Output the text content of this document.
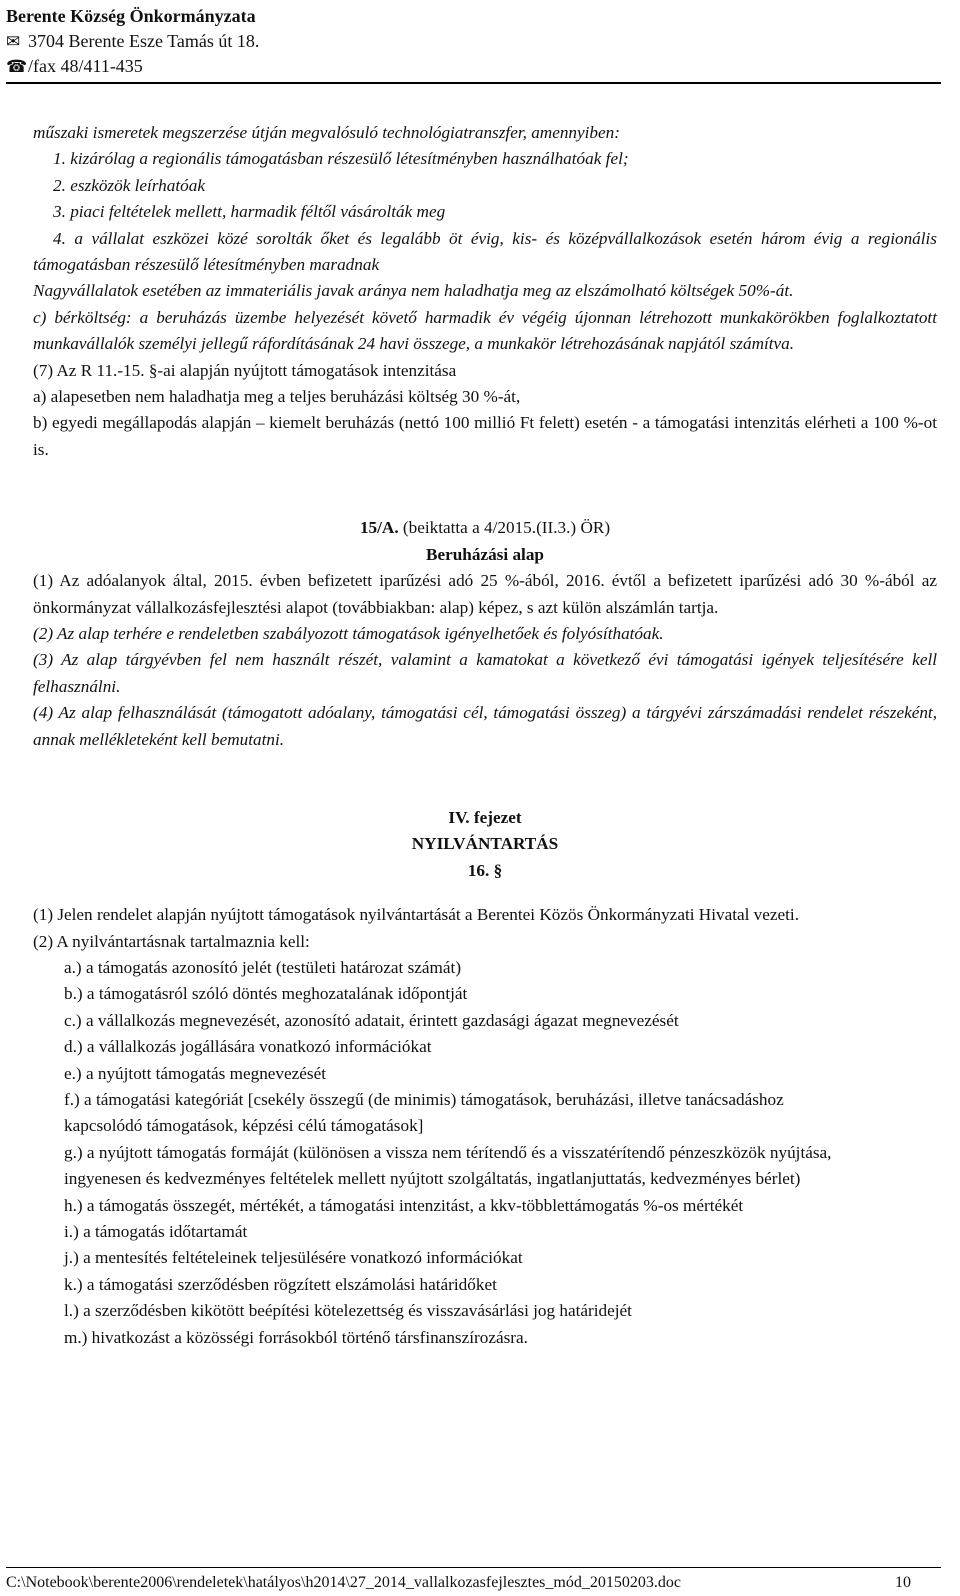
Berente Község Önkormányzata
✉ 3704 Berente Esze Tamás út 18.
☎/fax 48/411-435

műszaki ismeretek megszerzése útján megvalósuló technológiatranszfer, amennyiben:

1. kizárólag a regionális támogatásban részesülő létesítményben használhatóak fel;

2. eszközök leírhatóak

3. piaci feltételek mellett, harmadik féltől vásárolták meg

4. a vállalat eszközei közé sorolták őket és legalább öt évig, kis- és középvállalkozások esetén három évig a regionális támogatásban részesülő létesítményben maradnak

Nagyvállalatok esetében az immateriális javak aránya nem haladhatja meg az elszámolható költségek 50%-át.

c) bérköltség: a beruházás üzembe helyezését követő harmadik év végéig újonnan létrehozott munkakörökben foglalkoztatott munkavállalók személyi jellegű ráfordításának 24 havi összege, a munkakör létrehozásának napjától számítva.

(7) Az R 11.-15. §-ai alapján nyújtott támogatások intenzitása

a) alapesetben nem haladhatja meg a teljes beruházási költség 30 %-át,

b) egyedi megállapodás alapján – kiemelt beruházás (nettó 100 millió Ft felett) esetén - a támogatási intenzitás elérheti a 100 %-ot is.

15/A. (beiktatta a 4/2015.(II.3.) ÖR)

Beruházási alap

(1) Az adóalanyok által, 2015. évben befizetett iparűzési adó 25 %-ából, 2016. évtől a befizetett iparűzési adó 30 %-ából az önkormányzat vállalkozásfejlesztési alapot (továbbiakban: alap) képez, s azt külön alszámlán tartja.

(2) Az alap terhére e rendeletben szabályozott támogatások igényelhetőek és folyósíthatóak.

(3) Az alap tárgyévben fel nem használt részét, valamint a kamatokat a következő évi támogatási igények teljesítésére kell felhasználni.

(4) Az alap felhasználását (támogatott adóalany, támogatási cél, támogatási összeg) a tárgyévi zárszámadási rendelet részeként, annak mellékleteként kell bemutatni.

IV. fejezet

NYILVÁNTARTÁS

16. §

(1) Jelen rendelet alapján nyújtott támogatások nyilvántartását a Berentei Közös Önkormányzati Hivatal vezeti.

(2) A nyilvántartásnak tartalmaznia kell:

a.) a támogatás azonosító jelét (testületi határozat számát)

b.) a támogatásról szóló döntés meghozatalának időpontját

c.) a vállalkozás megnevezését, azonosító adatait, érintett gazdasági ágazat megnevezését

d.) a vállalkozás jogállására vonatkozó információkat

e.) a nyújtott támogatás megnevezését

f.) a támogatási kategóriát [csekély összegű (de minimis) támogatások, beruházási, illetve tanácsadáshoz kapcsolódó támogatások, képzési célú támogatások]

g.) a nyújtott támogatás formáját (különösen a vissza nem térítendő és a visszatérítendő pénzeszközök nyújtása, ingyenesen és kedvezményes feltételek mellett nyújtott szolgáltatás, ingatlanjuttatás, kedvezményes bérlet)

h.) a támogatás összegét, mértékét, a támogatási intenzitást, a kkv-többlettámogatás %-os mértékét

i.) a támogatás időtartamát

j.) a mentesítés feltételeinek teljesülésére vonatkozó információkat

k.) a támogatási szerződésben rögzített elszámolási határidőket

l.) a szerződésben kikötött beépítési kötelezettség és visszavásárlási jog határidejét

m.) hivatkozást a közösségi forrásokból történő társfinanszírozásra.

C:\Notebook\berente2006\rendeletek\hatályos\h2014\27_2014_vallalkozasfejlesztes_mód_20150203.doc	10
